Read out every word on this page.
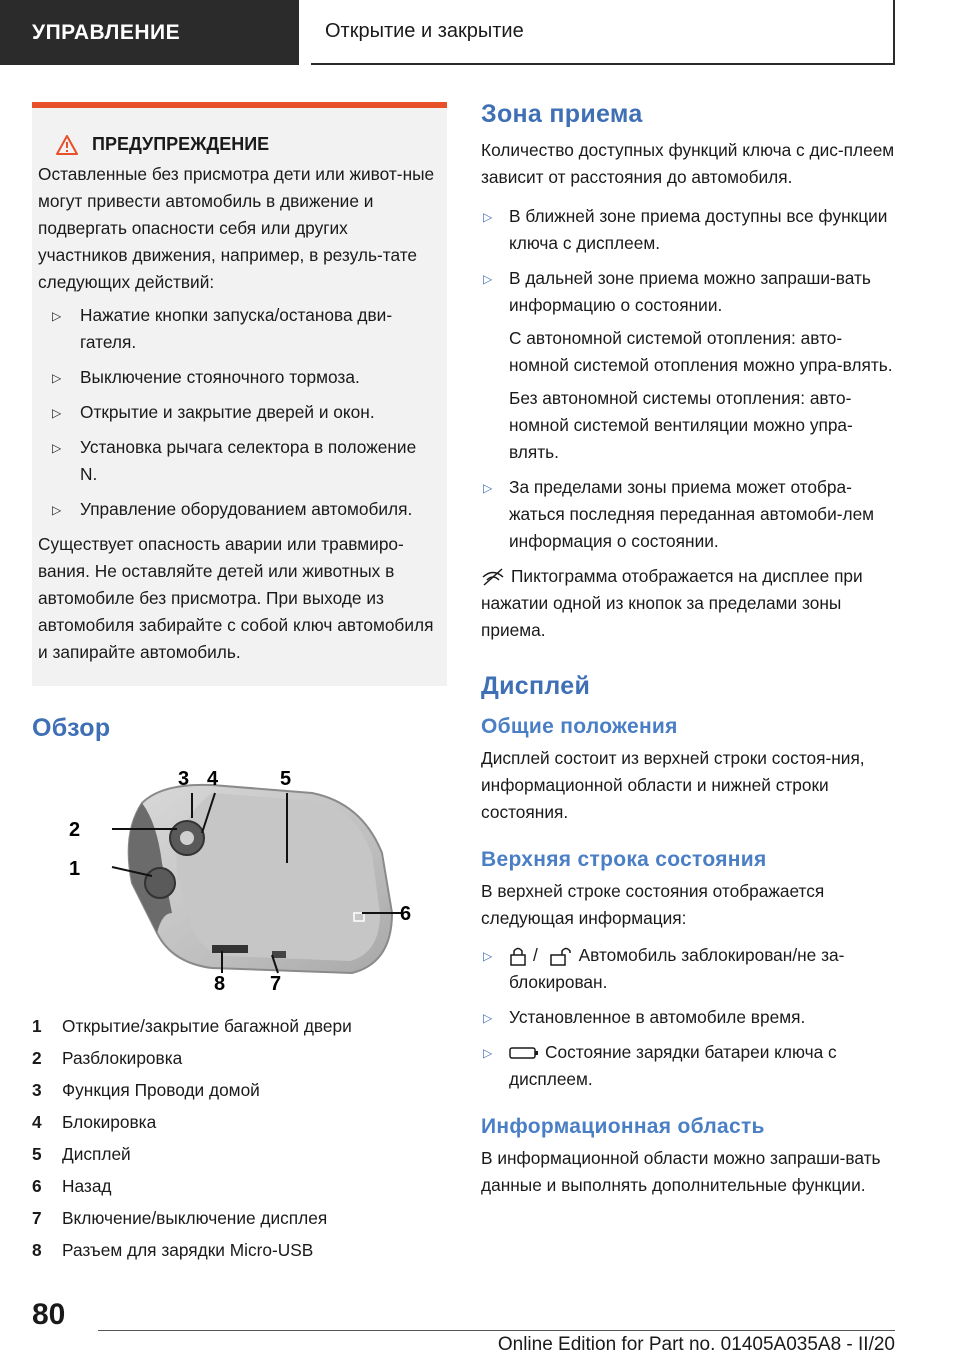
УПРАВЛЕНИЕ	Открытие и закрытие
ПРЕДУПРЕЖДЕНИЕ

Оставленные без присмотра дети или живот-ные могут привести автомобиль в движение и подвергать опасности себя или других участников движения, например, в резуль-тате следующих действий:

▷ Нажатие кнопки запуска/останова дви-гателя.
▷ Выключение стояночного тормоза.
▷ Открытие и закрытие дверей и окон.
▷ Установка рычага селектора в положение N.
▷ Управление оборудованием автомобиля.

Существует опасность аварии или травмиро-вания. Не оставляйте детей или животных в автомобиле без присмотра. При выходе из автомобиля забирайте с собой ключ автомобиля и запирайте автомобиль.

Обзор
3 4	5
2
1
6
7
8
1	Открытие/закрытие багажной двери
2	Разблокировка
3	Функция Проводи домой
4	Блокировка
5	Дисплей
6	Назад
7	Включение/выключение дисплея
8	Разъем для зарядки Micro-USB
Зона приема

Количество доступных функций ключа с дис-плеем зависит от расстояния до автомобиля.

▷ В ближней зоне приема доступны все функции ключа с дисплеем.
▷ В дальней зоне приема можно запраши-вать информацию о состоянии.

С автономной системой отопления: авто-номной системой отопления можно упра-влять.

Без автономной системы отопления: авто-номной системой вентиляции можно упра-влять.

▷ За пределами зоны приема может отобра-жаться последняя переданная автомоби-лем информация о состоянии.

Пиктограмма отображается на дисплее при нажатии одной из кнопок за пределами зоны приема.

Дисплей
Общие положения

Дисплей состоит из верхней строки состоя-ния, информационной области и нижней строки состояния.

Верхняя строка состояния

В верхней строке состояния отображается следующая информация:

▷ / Автомобиль заблокирован/не за-блокирован.
▷ Установленное в автомобиле время.
▷	Состояние зарядки батареи ключа с дисплеем.
Информационная область

В информационной области можно запраши-вать данные и выполнять дополнительные функции.

80
Online Edition for Part no. 01405A035A8 - II/20
